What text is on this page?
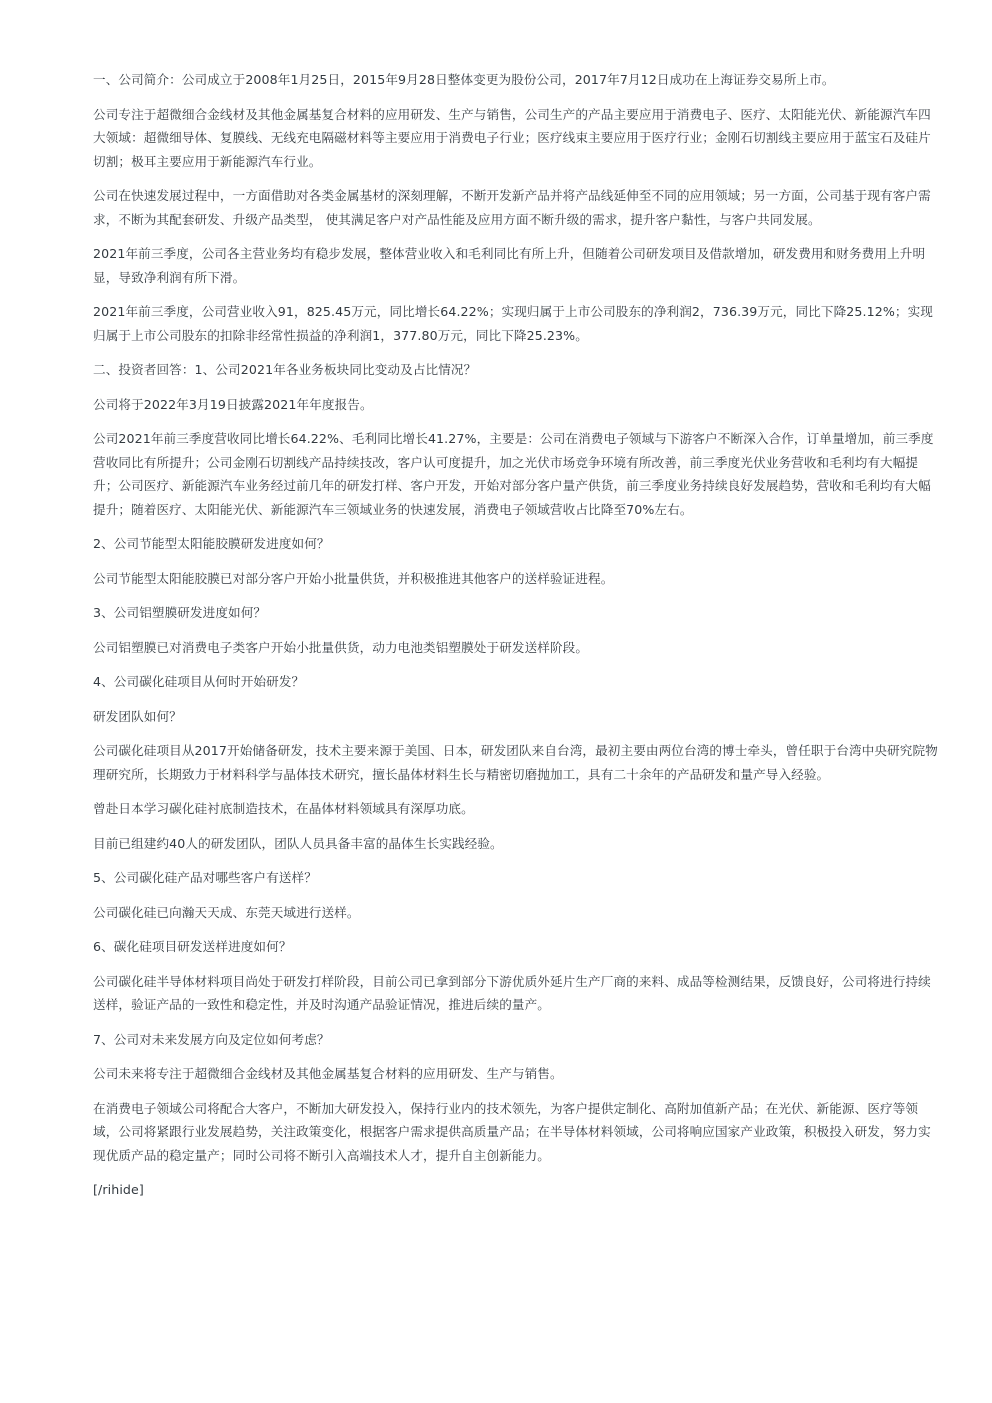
一、公司简介：公司成立于2008年1月25日，2015年9月28日整体变更为股份公司，2017年7月12日成功在上海证券交易所上市。

公司专注于超微细合金线材及其他金属基复合材料的应用研发、生产与销售，公司生产的产品主要应用于消费电子、医疗、太阳能光伏、新能源汽车四大领域：超微细导体、复膜线、无线充电隔磁材料等主要应用于消费电子行业；医疗线束主要应用于医疗行业；金刚石切割线主要应用于蓝宝石及硅片切割；极耳主要应用于新能源汽车行业。

公司在快速发展过程中，一方面借助对各类金属基材的深刻理解，不断开发新产品并将产品线延伸至不同的应用领域；另一方面，公司基于现有客户需求，不断为其配套研发、升级产品类型， 使其满足客户对产品性能及应用方面不断升级的需求，提升客户黏性，与客户共同发展。

2021年前三季度，公司各主营业务均有稳步发展，整体营业收入和毛利同比有所上升，但随着公司研发项目及借款增加，研发费用和财务费用上升明显，导致净利润有所下滑。

2021年前三季度，公司营业收入91，825.45万元，同比增长64.22%；实现归属于上市公司股东的净利润2，736.39万元，同比下降25.12%；实现归属于上市公司股东的扣除非经常性损益的净利润1，377.80万元，同比下降25.23%。

二、投资者回答：1、公司2021年各业务板块同比变动及占比情况？

公司将于2022年3月19日披露2021年年度报告。

公司2021年前三季度营收同比增长64.22%、毛利同比增长41.27%，主要是：公司在消费电子领域与下游客户不断深入合作，订单量增加，前三季度营收同比有所提升；公司金刚石切割线产品持续技改，客户认可度提升，加之光伏市场竞争环境有所改善，前三季度光伏业务营收和毛利均有大幅提升；公司医疗、新能源汽车业务经过前几年的研发打样、客户开发，开始对部分客户量产供货，前三季度业务持续良好发展趋势，营收和毛利均有大幅提升；随着医疗、太阳能光伏、新能源汽车三领域业务的快速发展，消费电子领域营收占比降至70%左右。

2、公司节能型太阳能胶膜研发进度如何？

公司节能型太阳能胶膜已对部分客户开始小批量供货，并积极推进其他客户的送样验证进程。

3、公司铝塑膜研发进度如何？

公司铝塑膜已对消费电子类客户开始小批量供货，动力电池类铝塑膜处于研发送样阶段。

4、公司碳化硅项目从何时开始研发？

研发团队如何？

公司碳化硅项目从2017开始储备研发，技术主要来源于美国、日本，研发团队来自台湾，最初主要由两位台湾的博士牵头，曾任职于台湾中央研究院物理研究所，长期致力于材料科学与晶体技术研究，擅长晶体材料生长与精密切磨抛加工，具有二十余年的产品研发和量产导入经验。

曾赴日本学习碳化硅衬底制造技术，在晶体材料领域具有深厚功底。

目前已组建约40人的研发团队，团队人员具备丰富的晶体生长实践经验。

5、公司碳化硅产品对哪些客户有送样？

公司碳化硅已向瀚天天成、东莞天域进行送样。

6、碳化硅项目研发送样进度如何？

公司碳化硅半导体材料项目尚处于研发打样阶段，目前公司已拿到部分下游优质外延片生产厂商的来料、成品等检测结果，反馈良好，公司将进行持续送样，验证产品的一致性和稳定性，并及时沟通产品验证情况，推进后续的量产。

7、公司对未来发展方向及定位如何考虑？

公司未来将专注于超微细合金线材及其他金属基复合材料的应用研发、生产与销售。

在消费电子领域公司将配合大客户，不断加大研发投入，保持行业内的技术领先，为客户提供定制化、高附加值新产品；在光伏、新能源、医疗等领域，公司将紧跟行业发展趋势，关注政策变化，根据客户需求提供高质量产品；在半导体材料领域，公司将响应国家产业政策，积极投入研发，努力实现优质产品的稳定量产；同时公司将不断引入高端技术人才，提升自主创新能力。

[/rihide]
